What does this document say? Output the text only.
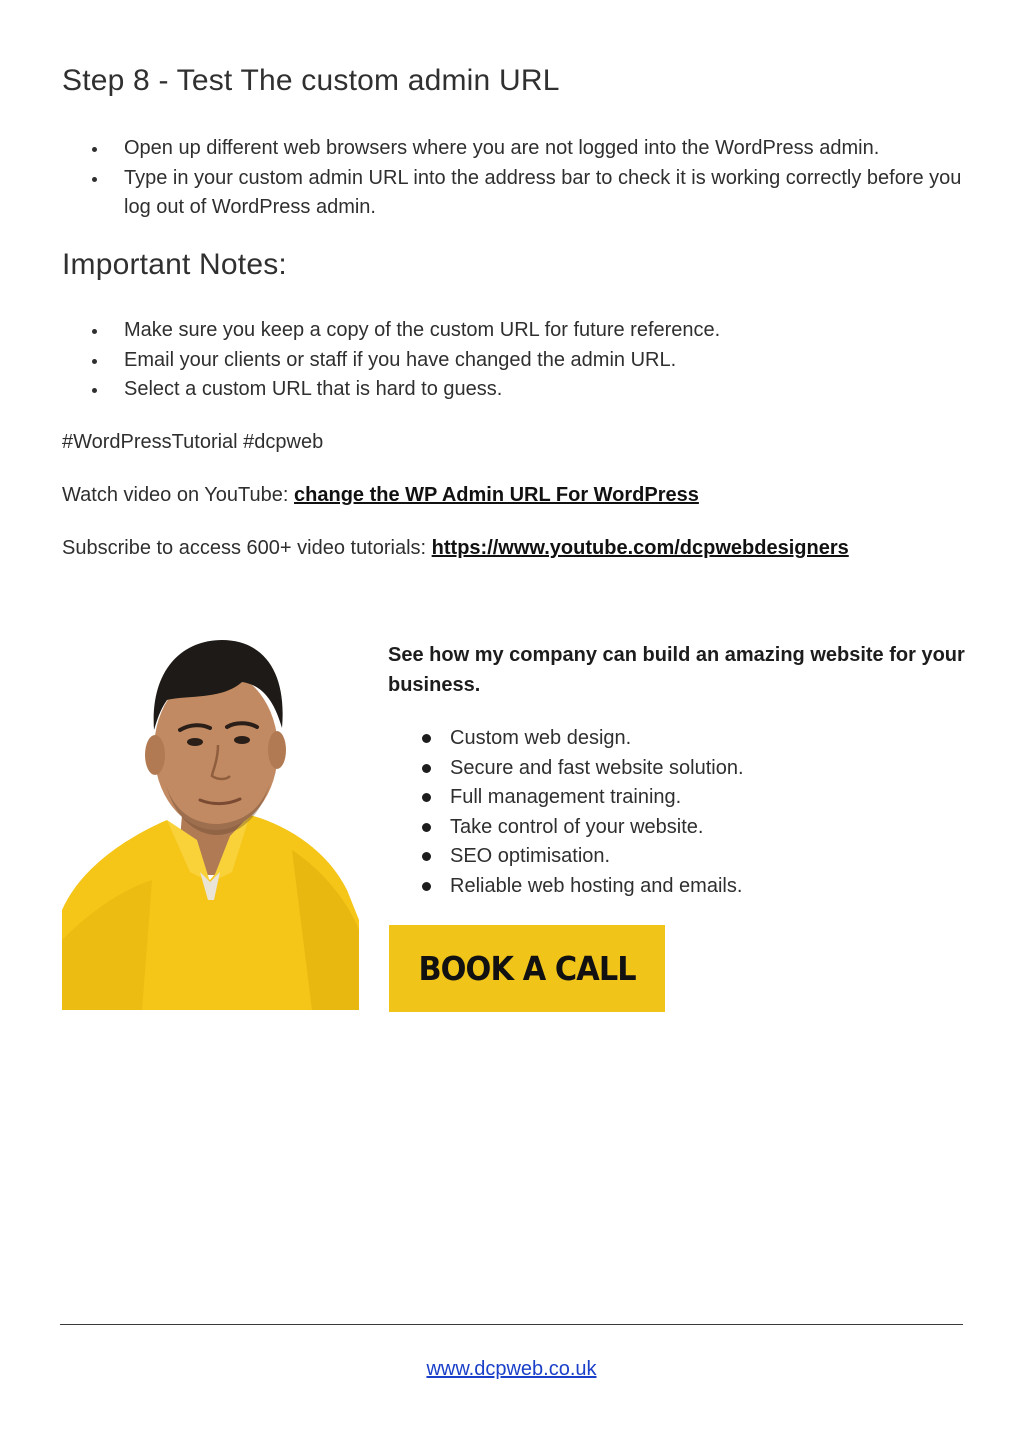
Step 8 - Test The custom admin URL
Open up different web browsers where you are not logged into the WordPress admin.
Type in your custom admin URL into the address bar to check it is working correctly before you log out of WordPress admin.
Important Notes:
Make sure you keep a copy of the custom URL for future reference.
Email your clients or staff if you have changed the admin URL.
Select a custom URL that is hard to guess.

#WordPressTutorial #dcpweb

Watch video on YouTube: change the WP Admin URL For WordPress

Subscribe to access 600+ video tutorials: https://www.youtube.com/dcpwebdesigners

See how my company can build an amazing website for your business.

Custom web design.
Secure and fast website solution.
Full management training.
Take control of your website.
SEO optimisation.
Reliable web hosting and emails.
BOOK A CALL
www.dcpweb.co.uk
